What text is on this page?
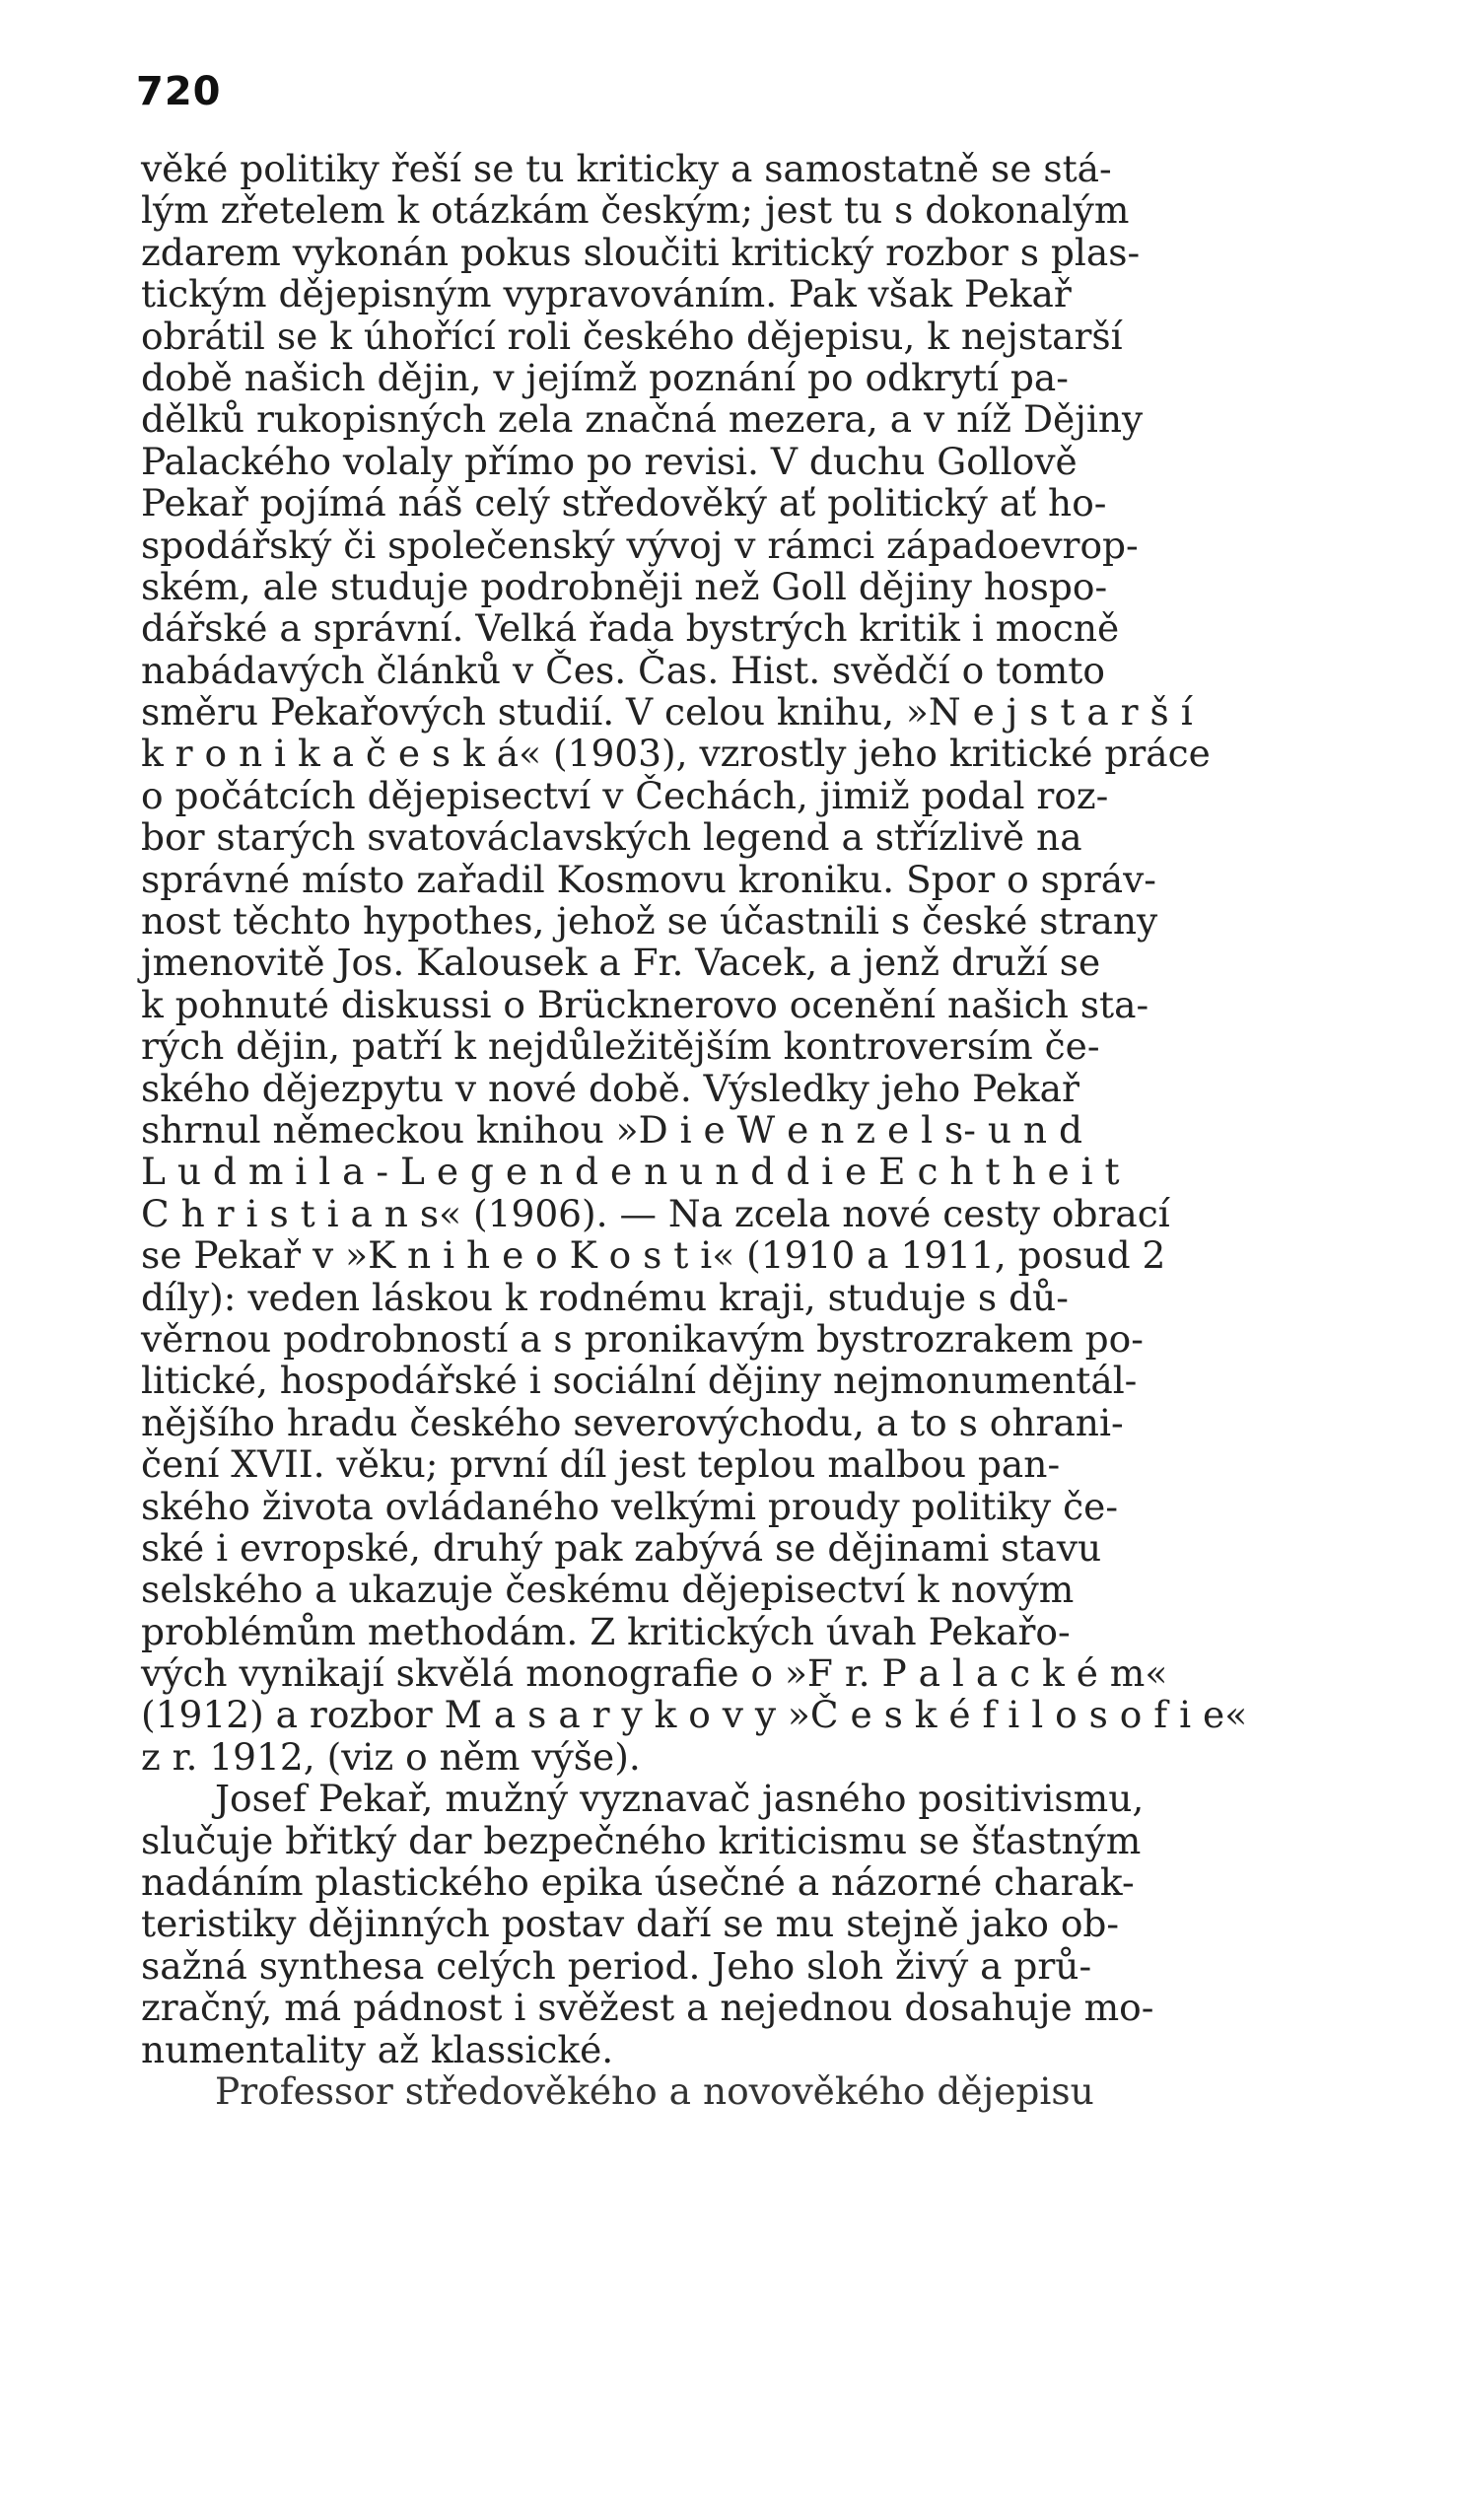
720
věké politiky řeší se tu kriticky a samostatně se stá-
lým zřetelem k otázkám českým; jest tu s dokonalým
zdarem vykonán pokus sloučiti kritický rozbor s plas-
tickým dějepisným vypravováním. Pak však Pekař
obrátil se k úhořící roli českého dějepisu, k nejstarší
době našich dějin, v jejímž poznání po odkrytí pa-
dělků rukopisných zela značná mezera, a v níž Dějiny
Palackého volaly přímo po revisi. V duchu Gollově
Pekař pojímá náš celý středověký ať politický ať ho-
spodářský či společenský vývoj v rámci západoevrop-
ském, ale studuje podrobněji než Goll dějiny hospo-
dářské a správní. Velká řada bystrých kritik i mocně
nabádavých článků v Čes. Čas. Hist. svědčí o tomto
směru Pekařových studií. V celou knihu, »N e j s t a r š í
k r o n i k a č e s k á« (1903), vzrostly jeho kritické práce
o počátcích dějepisectví v Čechách, jimiž podal roz-
bor starých svatováclavských legend a střízlivě na
správné místo zařadil Kosmovu kroniku. Spor o správ-
nost těchto hypothes, jehož se účastnili s české strany
jmenovitě Jos. Kalousek a Fr. Vacek, a jenž druží se
k pohnuté diskussi o Brücknerovo ocenění našich sta-
rých dějin, patří k nejdůležitějším kontroversím če-
ského dějezpytu v nové době. Výsledky jeho Pekař
shrnul německou knihou »D i e W e n z e l s- u n d
L u d m i l a - L e g e n d e n u n d d i e E c h t h e i t
C h r i s t i a n s« (1906). — Na zcela nové cesty obrací
se Pekař v »K n i h e o K o s t i« (1910 a 1911, posud 2
díly): veden láskou k rodnému kraji, studuje s dů-
věrnou podrobností a s pronikavým bystrozrakem po-
litické, hospodářské i sociální dějiny nejmonumentál-
nějšího hradu českého severovýchodu, a to s ohrani-
čení XVII. věku; první díl jest teplou malbou pan-
ského života ovládaného velkými proudy politiky če-
ské i evropské, druhý pak zabývá se dějinami stavu
selského a ukazuje českému dějepisectví k novým
problémům methodám. Z kritických úvah Pekařo-
vých vynikají skvělá monografie o »F r. P a l a c k é m«
(1912) a rozbor M a s a r y k o v y »Č e s k é f i l o s o f i e«
z r. 1912, (viz o něm výše).
Josef Pekař, mužný vyznavač jasného positivismu,
slučuje břitký dar bezpečného kriticismu se šťastným
nadáním plastického epika úsečné a názorné charak-
teristiky dějinných postav daří se mu stejně jako ob-
sažná synthesa celých period. Jeho sloh živý a prů-
zračný, má pádnost i svěžest a nejednou dosahuje mo-
numentality až klassické.
Professor středověkého a novověkého dějepisu
